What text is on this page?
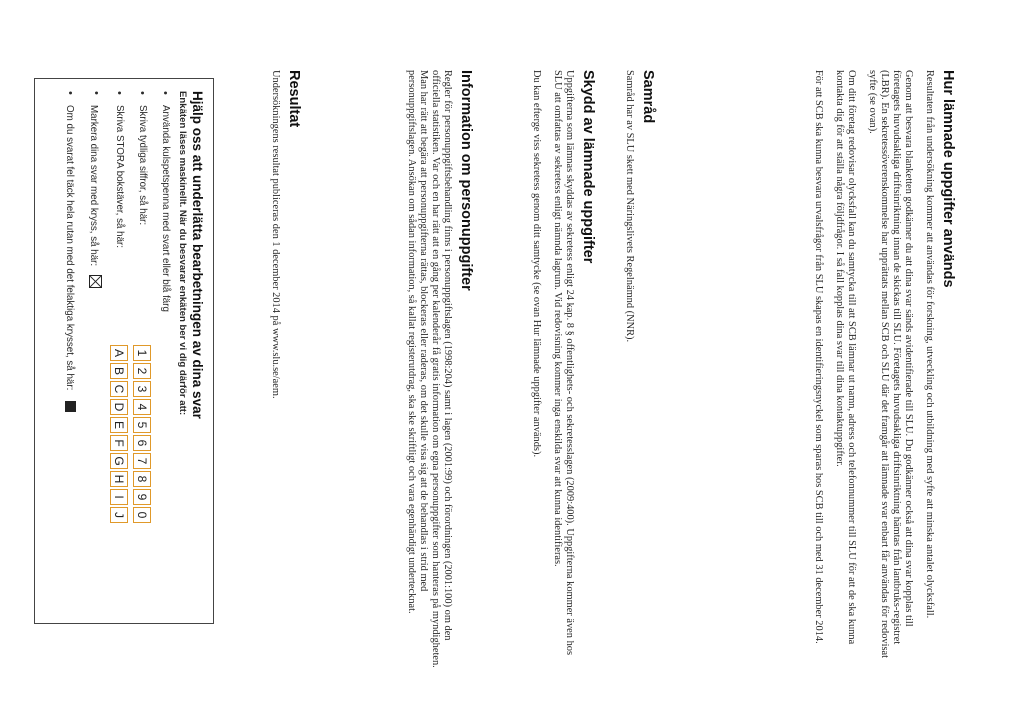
Hur lämnade uppgifter används

Resultaten från undersökning kommer att användas för forskning, utveckling och utbildning med syfte att minska antalet olycksfall.

Genom att besvara blanketten godkänner du att dina svar sänds avidentifierade till SLU. Du godkänner också att dina svar kopplas till företagets huvudsakliga driftsinriktning innan de skickas till SLU. Företagets huvudsakliga driftsinriktning hämtas från lantbruks-registret (LBR). En sekretessöverenskommelse har upprättats mellan SCB och SLU där det framgår att lämnade svar enbart får användas för redovisat syfte (se ovan).

Om ditt företag redovisar olycksfall kan du samtycka till att SCB lämnar ut namn, adress och telefonnummer till SLU för att de ska kunna kontakta dig för att ställa några följdfrågor. I så fall kopplas dina svar till dina kontaktuppgifter.

För att SCB ska kunna besvara urvalsfrågor från SLU skapas en identifieringsnyckel som sparas hos SCB till och med 31 december 2014.

Samråd

Samråd har av SLU skett med Näringslivets Regelnämnd (NNR).

Skydd av lämnade uppgifter

Uppgifterna som lämnas skyddas av sekretess enligt 24 kap. 8 § offentlighets- och sekretesslagen (2009:400). Uppgifterna kommer även hos SLU att omfattas av sekretess enligt nämnda lagrum. Vid redovisning kommer inga enskilda svar att kunna identifieras.

Du kan efterge viss sekretess genom ditt samtycke (se ovan Hur lämnade uppgifter används).

Information om personuppgifter

Regler för personuppgiftsbehandling finns i personuppgiftslagen (1998:204) samt i lagen (2001:99) och förordningen (2001:100) om den officiella statistiken. Var och en har rätt att en gång per kalenderår få gratis information om egna personuppgifter som hanteras på myndigheten. Man har rätt att begära att personuppgifterna rättas, blockeras eller raderas, om det skulle visa sig att de behandlas i strid med personuppgiftslagen. Ansökan om sådan information, så kallat registerutdrag, ska ske skriftligt och vara egenhändigt undertecknat.

Resultat

Undersökningens resultat publiceras den 1 december 2014 på www.slu.se/aem.

Hjälp oss att underlätta bearbetningen av dina svar
Enkäten läses maskinellt. När du besvarar enkäten ber vi dig därför att:
• Använda kulspetspenna med svart eller blå färg
• Skriva tydliga siffror, så här:
1
2
3
4
5
6
7
8
9
0
• Skriva STORA bokstäver, så här:
A
B
C
D
E
F
G
H
I
J
• Markera dina svar med kryss, så här:
• Om du svarat fel täck hela rutan med det felaktiga krysset, så här:
